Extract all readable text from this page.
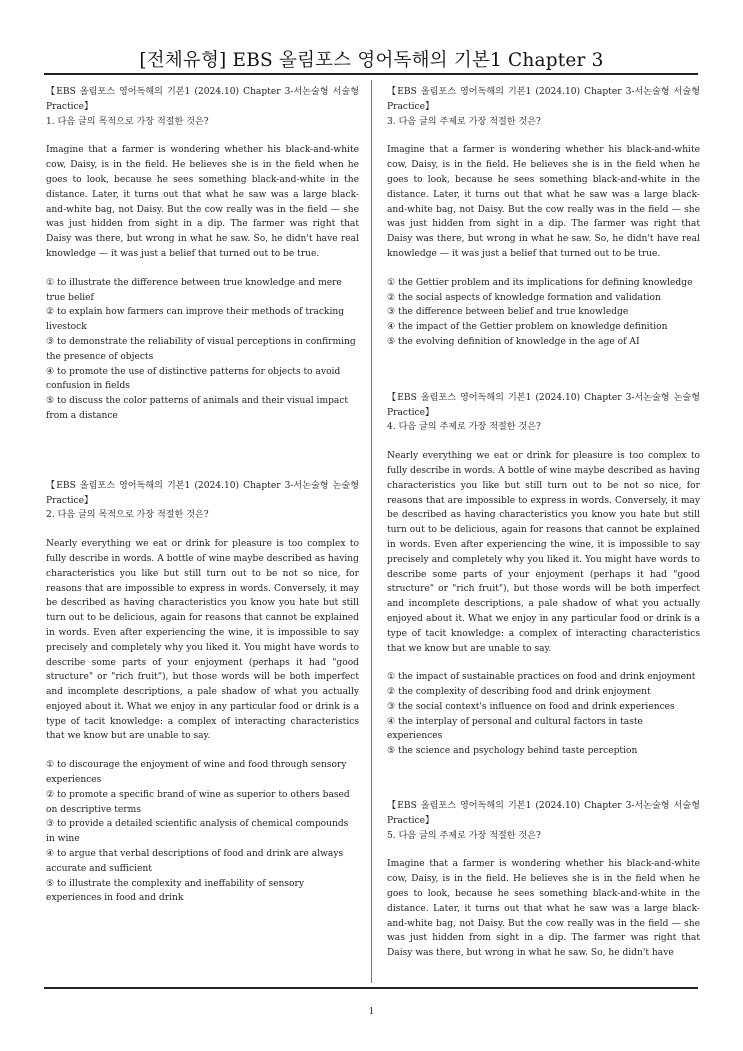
[전체유형] EBS 올림포스 영어독해의 기본1 Chapter 3
【EBS 올림포스 영어독해의 기본1 (2024.10) Chapter 3-서논술형 서술형
Practice】
1. 다음 글의 목적으로 가장 적절한 것은?

Imagine that a farmer is wondering whether his black-and-white cow, Daisy, is in the field. He believes she is in the field when he goes to look, because he sees something black-and-white in the distance. Later, it turns out that what he saw was a large black-and-white bag, not Daisy. But the cow really was in the field — she was just hidden from sight in a dip. The farmer was right that Daisy was there, but wrong in what he saw. So, he didn't have real knowledge — it was just a belief that turned out to be true.

① to illustrate the difference between true knowledge and mere true belief
② to explain how farmers can improve their methods of tracking livestock
③ to demonstrate the reliability of visual perceptions in confirming the presence of objects
④ to promote the use of distinctive patterns for objects to avoid confusion in fields
⑤ to discuss the color patterns of animals and their visual impact from a distance
【EBS 올림포스 영어독해의 기본1 (2024.10) Chapter 3-서논술형 논술형
Practice】
2. 다음 글의 목적으로 가장 적절한 것은?

Nearly everything we eat or drink for pleasure is too complex to fully describe in words. A bottle of wine maybe described as having characteristics you like but still turn out to be not so nice, for reasons that are impossible to express in words. Conversely, it may be described as having characteristics you know you hate but still turn out to be delicious, again for reasons that cannot be explained in words. Even after experiencing the wine, it is impossible to say precisely and completely why you liked it. You might have words to describe some parts of your enjoyment (perhaps it had "good structure" or "rich fruit"), but those words will be both imperfect and incomplete descriptions, a pale shadow of what you actually enjoyed about it. What we enjoy in any particular food or drink is a type of tacit knowledge: a complex of interacting characteristics that we know but are unable to say.

① to discourage the enjoyment of wine and food through sensory experiences
② to promote a specific brand of wine as superior to others based on descriptive terms
③ to provide a detailed scientific analysis of chemical compounds in wine
④ to argue that verbal descriptions of food and drink are always accurate and sufficient
⑤ to illustrate the complexity and ineffability of sensory experiences in food and drink
【EBS 올림포스 영어독해의 기본1 (2024.10) Chapter 3-서논술형 서술형
Practice】
3. 다음 글의 주제로 가장 적절한 것은?

Imagine that a farmer is wondering whether his black-and-white cow, Daisy, is in the field. He believes she is in the field when he goes to look, because he sees something black-and-white in the distance. Later, it turns out that what he saw was a large black-and-white bag, not Daisy. But the cow really was in the field — she was just hidden from sight in a dip. The farmer was right that Daisy was there, but wrong in what he saw. So, he didn't have real knowledge — it was just a belief that turned out to be true.

① the Gettier problem and its implications for defining knowledge
② the social aspects of knowledge formation and validation
③ the difference between belief and true knowledge
④ the impact of the Gettier problem on knowledge definition
⑤ the evolving definition of knowledge in the age of AI
【EBS 올림포스 영어독해의 기본1 (2024.10) Chapter 3-서논술형 논술형
Practice】
4. 다음 글의 주제로 가장 적절한 것은?

Nearly everything we eat or drink for pleasure is too complex to fully describe in words. A bottle of wine maybe described as having characteristics you like but still turn out to be not so nice, for reasons that are impossible to express in words. Conversely, it may be described as having characteristics you know you hate but still turn out to be delicious, again for reasons that cannot be explained in words. Even after experiencing the wine, it is impossible to say precisely and completely why you liked it. You might have words to describe some parts of your enjoyment (perhaps it had "good structure" or "rich fruit"), but those words will be both imperfect and incomplete descriptions, a pale shadow of what you actually enjoyed about it. What we enjoy in any particular food or drink is a type of tacit knowledge: a complex of interacting characteristics that we know but are unable to say.

① the impact of sustainable practices on food and drink enjoyment
② the complexity of describing food and drink enjoyment
③ the social context's influence on food and drink experiences
④ the interplay of personal and cultural factors in taste experiences
⑤ the science and psychology behind taste perception
【EBS 올림포스 영어독해의 기본1 (2024.10) Chapter 3-서논술형 서술형
Practice】
5. 다음 글의 주제로 가장 적절한 것은?

Imagine that a farmer is wondering whether his black-and-white cow, Daisy, is in the field. He believes she is in the field when he goes to look, because he sees something black-and-white in the distance. Later, it turns out that what he saw was a large black-and-white bag, not Daisy. But the cow really was in the field — she was just hidden from sight in a dip. The farmer was right that Daisy was there, but wrong in what he saw. So, he didn't have

1
